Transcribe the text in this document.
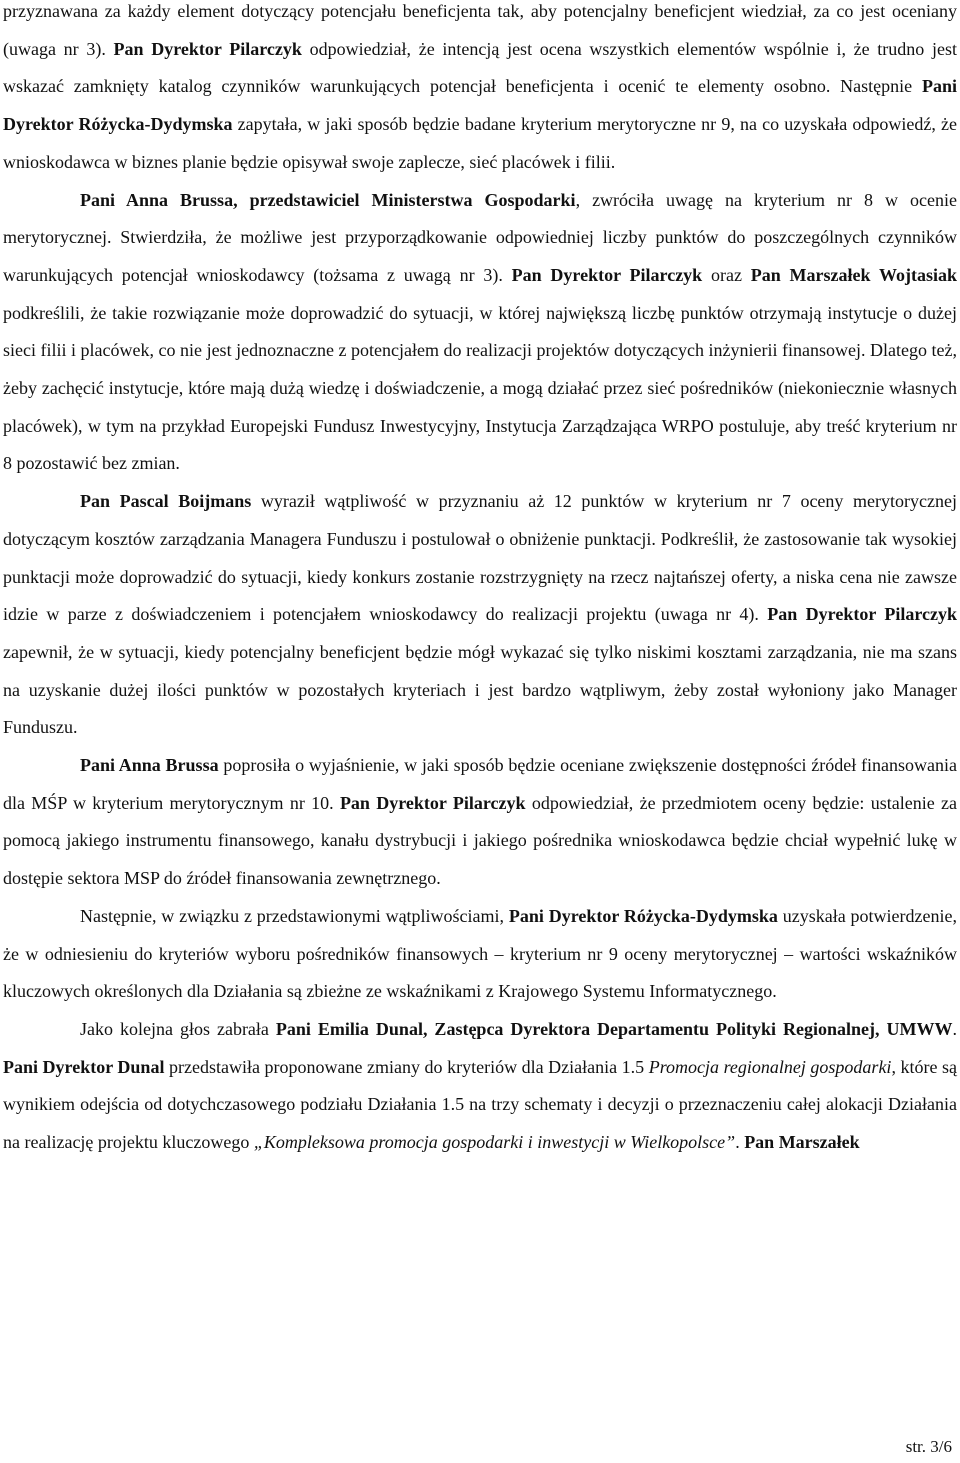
przyznawana za każdy element dotyczący potencjału beneficjenta tak, aby potencjalny beneficjent wiedział, za co jest oceniany (uwaga nr 3). Pan Dyrektor Pilarczyk odpowiedział, że intencją jest ocena wszystkich elementów wspólnie i, że trudno jest wskazać zamknięty katalog czynników warunkujących potencjał beneficjenta i ocenić te elementy osobno. Następnie Pani Dyrektor Różycka-Dydymska zapytała, w jaki sposób będzie badane kryterium merytoryczne nr 9, na co uzyskała odpowiedź, że wnioskodawca w biznes planie będzie opisywał swoje zaplecze, sieć placówek i filii.

Pani Anna Brussa, przedstawiciel Ministerstwa Gospodarki, zwróciła uwagę na kryterium nr 8 w ocenie merytorycznej. Stwierdziła, że możliwe jest przyporządkowanie odpowiedniej liczby punktów do poszczególnych czynników warunkujących potencjał wnioskodawcy (tożsama z uwagą nr 3). Pan Dyrektor Pilarczyk oraz Pan Marszałek Wojtasiak podkreślili, że takie rozwiązanie może doprowadzić do sytuacji, w której największą liczbę punktów otrzymają instytucje o dużej sieci filii i placówek, co nie jest jednoznaczne z potencjałem do realizacji projektów dotyczących inżynierii finansowej. Dlatego też, żeby zachęcić instytucje, które mają dużą wiedzę i doświadczenie, a mogą działać przez sieć pośredników (niekoniecznie własnych placówek), w tym na przykład Europejski Fundusz Inwestycyjny, Instytucja Zarządzająca WRPO postuluje, aby treść kryterium nr 8 pozostawić bez zmian.

Pan Pascal Boijmans wyraził wątpliwość w przyznaniu aż 12 punktów w kryterium nr 7 oceny merytorycznej dotyczącym kosztów zarządzania Managera Funduszu i postulował o obniżenie punktacji. Podkreślił, że zastosowanie tak wysokiej punktacji może doprowadzić do sytuacji, kiedy konkurs zostanie rozstrzygnięty na rzecz najtańszej oferty, a niska cena nie zawsze idzie w parze z doświadczeniem i potencjałem wnioskodawcy do realizacji projektu (uwaga nr 4). Pan Dyrektor Pilarczyk zapewnił, że w sytuacji, kiedy potencjalny beneficjent będzie mógł wykazać się tylko niskimi kosztami zarządzania, nie ma szans na uzyskanie dużej ilości punktów w pozostałych kryteriach i jest bardzo wątpliwym, żeby został wyłoniony jako Manager Funduszu.

Pani Anna Brussa poprosiła o wyjaśnienie, w jaki sposób będzie oceniane zwiększenie dostępności źródeł finansowania dla MŚP w kryterium merytorycznym nr 10. Pan Dyrektor Pilarczyk odpowiedział, że przedmiotem oceny będzie: ustalenie za pomocą jakiego instrumentu finansowego, kanału dystrybucji i jakiego pośrednika wnioskodawca będzie chciał wypełnić lukę w dostępie sektora MSP do źródeł finansowania zewnętrznego.

Następnie, w związku z przedstawionymi wątpliwościami, Pani Dyrektor Różycka-Dydymska uzyskała potwierdzenie, że w odniesieniu do kryteriów wyboru pośredników finansowych – kryterium nr 9 oceny merytorycznej – wartości wskaźników kluczowych określonych dla Działania są zbieżne ze wskaźnikami z Krajowego Systemu Informatycznego.

Jako kolejna głos zabrała Pani Emilia Dunal, Zastępca Dyrektora Departamentu Polityki Regionalnej, UMWW. Pani Dyrektor Dunal przedstawiła proponowane zmiany do kryteriów dla Działania 1.5 Promocja regionalnej gospodarki, które są wynikiem odejścia od dotychczasowego podziału Działania 1.5 na trzy schematy i decyzji o przeznaczeniu całej alokacji Działania na realizację projektu kluczowego „Kompleksowa promocja gospodarki i inwestycji w Wielkopolsce”. Pan Marszałek

str. 3/6
